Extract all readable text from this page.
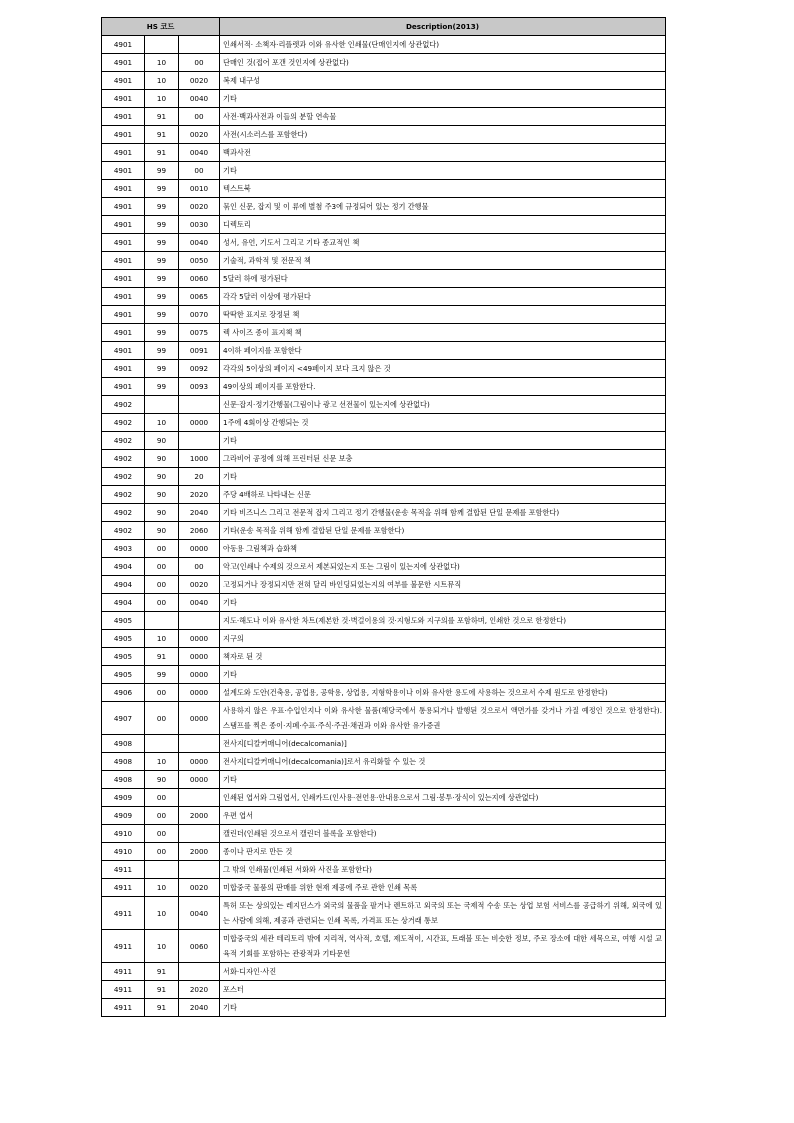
HS 코드			Description(2013)
4901			인쇄서적· 소책자·리플렛과 이와 유사한 인쇄물(단매인지에 상관없다)
4901	10	00	단매인 것(접어 포갠 것인지에 상관없다)
4901	10	0020	복제 내구성
4901	10	0040	기타
4901	91	00	사전·백과사전과 이들의 분할 연속물
4901	91	0020	사전(시소러스를 포함한다)
4901	91	0040	백과사전
4901	99	00	기타
4901	99	0010	텍스트북
4901	99	0020	묶인 신문, 잡지 및 이 류에 별첨 주3에 규정되어 있는 정기 간행물
4901	99	0030	디렉토리
4901	99	0040	성서, 유언, 기도서 그리고 기타 종교적인 책
4901	99	0050	기술적, 과학적 및 전문적 책
4901	99	0060	5달러 하에 평가된다
4901	99	0065	각각 5달러 이상에 평가된다
4901	99	0070	딱딱한 표지로 장정된 책
4901	99	0075	렉 사이즈 종이 표지책 책
4901	99	0091	4이하 페이지를 포함한다
4901	99	0092	각각의 5이상의 페이지 <49페이지 보다 크지 않은 것
4901	99	0093	49이상의 페이지를 포함한다.
4902			신문·잡지·정기간행물(그림이나 광고 선전물이 있는지에 상관없다)
4902	10	0000	1주에 4회이상 간행되는 것
4902	90		기타
4902	90	1000	그라비어 공정에 의해 프린터된 신문 보충
4902	90	20	기타
4902	90	2020	주당 4배하로 나타내는 신문
4902	90	2040	기타 비즈니스 그리고 전문적 잡지 그리고 정기 간행물(운송 목적을 위해 함께 결합된 단일 문제를 포함한다)
4902	90	2060	기타(운송 목적을 위해 함께 결합된 단일 문제를 포함한다)
4903	00	0000	아동용 그림책과 습화책
4904	00	00	악고(인쇄나 수제의 것으로서 제본되었는지 또는 그림이 있는지에 상관없다)
4904	00	0020	고정되거나 장정되지만 전혀 달리 바인딩되었는지의 여부를 불문한 시트뮤직
4904	00	0040	기타
4905			지도·해도나 이와 유사한 차트(제본한 것·벽걸이용의 것·지형도와 지구의를 포함하며, 인쇄한 것으로 한정한다)
4905	10	0000	지구의
4905	91	0000	책자로 된 것
4905	99	0000	기타
4906	00	0000	설계도와 도안(건축용, 공업용, 공학용, 상업용, 지형학용이나 이와 유사한 용도에 사용하는 것으로서 수제 원도로 한정한다)
4907	00	0000	사용하지 않은 우표·수입인지나 이와 유사한 물품(해당국에서 통용되거나 발행된 것으로서 액면가를 갖거나 가질 예정인 것으로 한정한다). 스탬프를 찍은 종이·지폐·수표·주식·주권·채권과 이와 유사한 유가증권
4908			전사지[디칼커매니어(decalcomania)]
4908	10	0000	전사지[디칼커매니어(decalcomania)]로서 유리화할 수 있는 것
4908	90	0000	기타
4909	00		인쇄된 엽서와 그림엽서, 인쇄카드(인사용·전언용·안내용으로서 그림·봉투·장식이 있는지에 상관없다)
4909	00	2000	우편 엽서
4910	00		캘린더(인쇄된 것으로서 캘린더 블록을 포함한다)
4910	00	2000	종이나 판지로 만든 것
4911			그 밖의 인쇄물(인쇄된 서화와 사진을 포함한다)
4911	10	0020	미합중국 물품의 판매를 위한 현재 제공에 주로 관한 인쇄 목록
4911	10	0040	특허 또는 상의있는 레지던스가 외국의 물품을 팔거나 렌트하고 외국의 또는 국제적 수송 또는 상업 보험 서비스를 공급하기 위해, 외국에 있는 사람에 의해, 제공과 관련되는 인쇄 목록, 가격표 또는 상거래 통보
4911	10	0060	미합중국의 세관 테리토리 밖에 지리적, 역사적, 호텔, 제도적이, 시간표, 트래블 또는 비슷한 정보, 주로 장소에 대한 세목으로, 여행 시설 교육적 기회를 포함하는 관광적과 기타문헌
4911	91		서화·디자인·사진
4911	91	2020	포스터
4911	91	2040	기타
